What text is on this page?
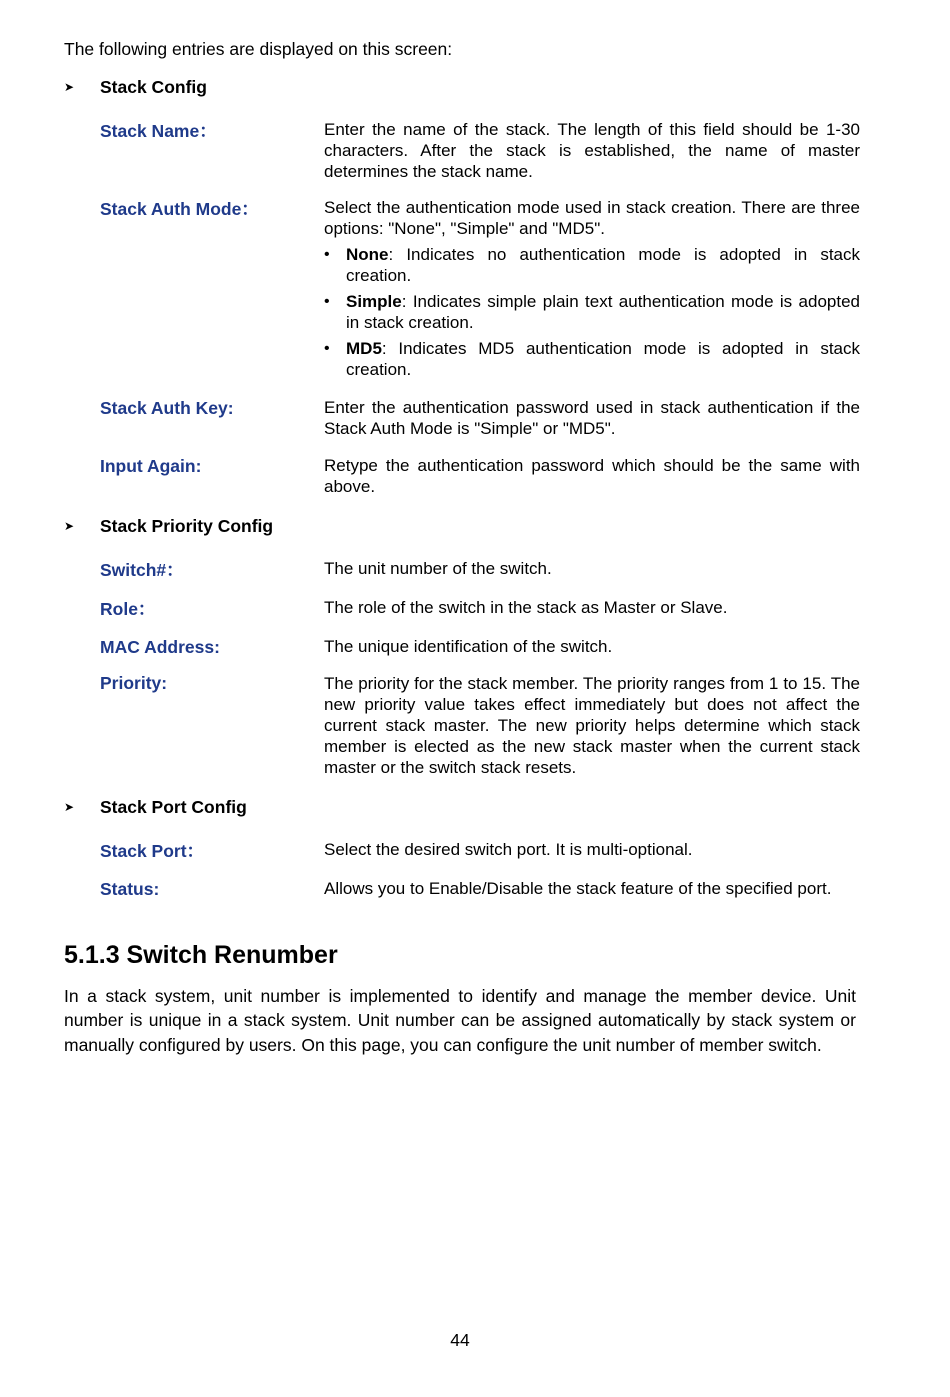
The following entries are displayed on this screen:
➤	Stack Config
Stack Name：	Enter the name of the stack. The length of this field should be 1-30 characters. After the stack is established, the name of master determines the stack name.
Stack Auth Mode：	Select the authentication mode used in stack creation. There are three options: "None", "Simple" and "MD5".
• None: Indicates no authentication mode is adopted in stack creation.
• Simple: Indicates simple plain text authentication mode is adopted in stack creation.
• MD5: Indicates MD5 authentication mode is adopted in stack creation.
Stack Auth Key:	Enter the authentication password used in stack authentication if the Stack Auth Mode is "Simple" or "MD5".
Input Again:	Retype the authentication password which should be the same with above.
➤	Stack Priority Config
Switch#：	The unit number of the switch.
Role：	The role of the switch in the stack as Master or Slave.
MAC Address:	The unique identification of the switch.
Priority:	The priority for the stack member. The priority ranges from 1 to 15. The new priority value takes effect immediately but does not affect the current stack master. The new priority helps determine which stack member is elected as the new stack master when the current stack master or the switch stack resets.
➤	Stack Port Config
Stack Port：	Select the desired switch port. It is multi-optional.
Status:	Allows you to Enable/Disable the stack feature of the specified port.
5.1.3 Switch Renumber
In a stack system, unit number is implemented to identify and manage the member device. Unit number is unique in a stack system. Unit number can be assigned automatically by stack system or manually configured by users. On this page, you can configure the unit number of member switch.
44
